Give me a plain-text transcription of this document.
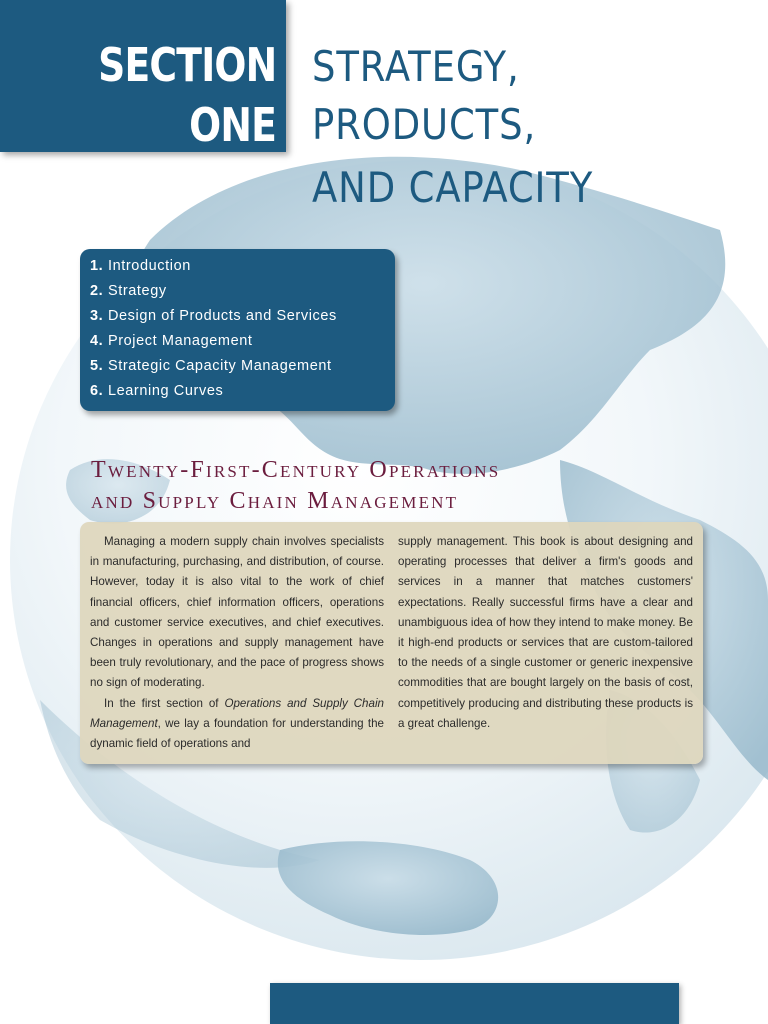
SECTION
ONE
STRATEGY,
PRODUCTS,
AND CAPACITY
1. Introduction
2. Strategy
3. Design of Products and Services
4. Project Management
5. Strategic Capacity Management
6. Learning Curves
Twenty-First-Century Operations
and Supply Chain Management

Managing a modern supply chain involves specialists in manufacturing, purchasing, and distribution, of course. However, today it is also vital to the work of chief financial officers, chief information officers, operations and customer service executives, and chief executives. Changes in operations and supply management have been truly revolutionary, and the pace of progress shows no sign of moderating.

In the first section of Operations and Supply Chain Management, we lay a foundation for understanding the dynamic field of operations and

supply management. This book is about designing and operating processes that deliver a firm's goods and services in a manner that matches customers' expectations. Really successful firms have a clear and unambiguous idea of how they intend to make money. Be it high-end products or services that are custom-tailored to the needs of a single customer or generic inexpensive commodities that are bought largely on the basis of cost, competitively producing and distributing these products is a great challenge.
